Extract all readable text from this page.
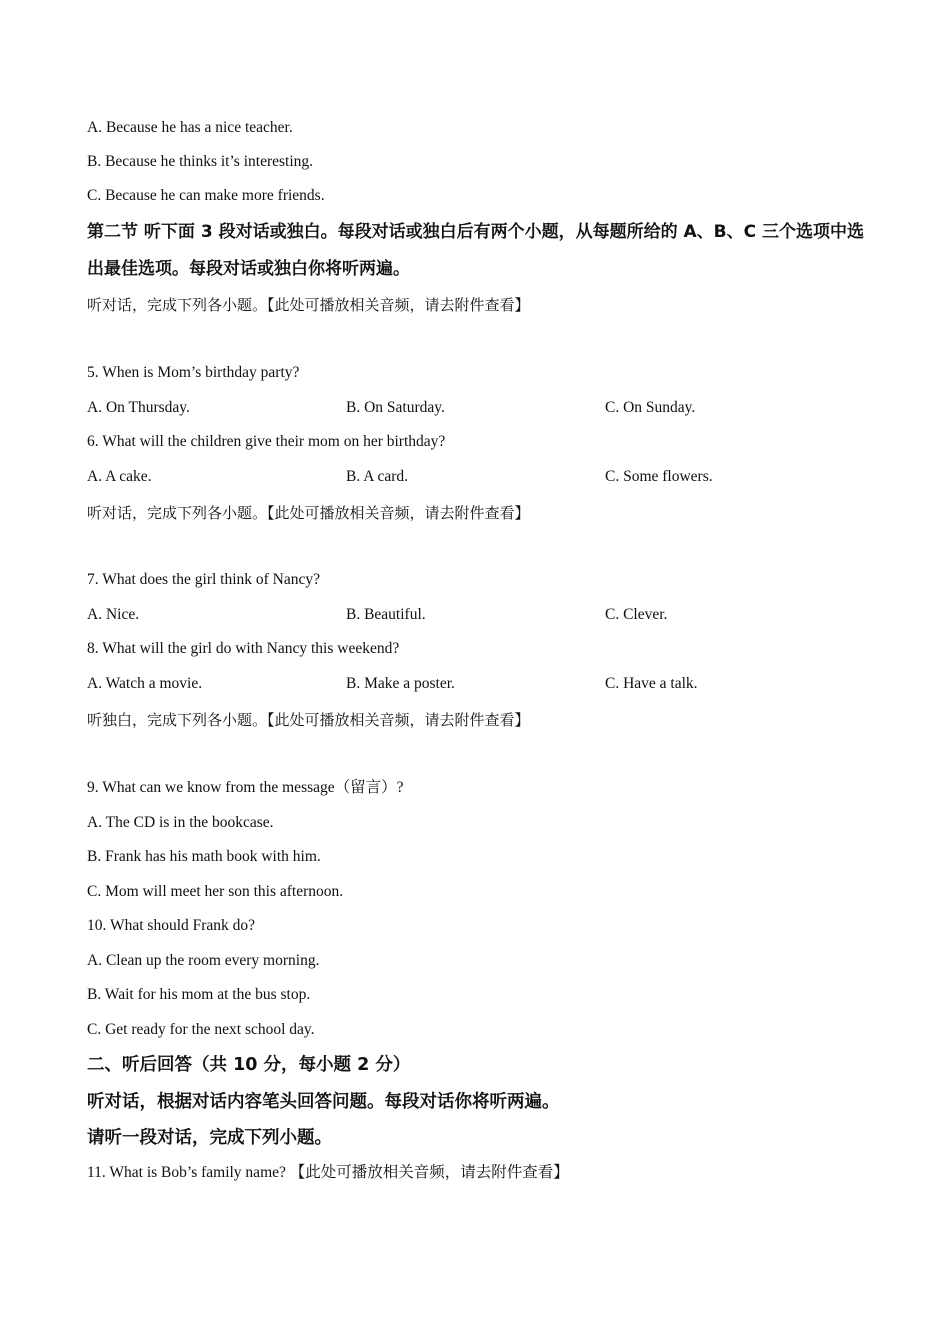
A. Because he has a nice teacher.
B. Because he thinks it’s interesting.
C. Because he can make more friends.
第二节 听下面 3 段对话或独白。每段对话或独白后有两个小题，从每题所给的 A、B、C 三个选项中选出最佳选项。每段对话或独白你将听两遍。
听对话，完成下列各小题。【此处可播放相关音频，请去附件查看】
5. When is Mom’s birthday party?
A. On Thursday.	B. On Saturday.	C. On Sunday.
6. What will the children give their mom on her birthday?
A. A cake.	B. A card.	C. Some flowers.
听对话，完成下列各小题。【此处可播放相关音频，请去附件查看】
7. What does the girl think of Nancy?
A. Nice.	B. Beautiful.	C. Clever.
8. What will the girl do with Nancy this weekend?
A. Watch a movie.	B. Make a poster.	C. Have a talk.
听独白，完成下列各小题。【此处可播放相关音频，请去附件查看】
9. What can we know from the message（留言）?
A. The CD is in the bookcase.
B. Frank has his math book with him.
C. Mom will meet her son this afternoon.
10. What should Frank do?
A. Clean up the room every morning.
B. Wait for his mom at the bus stop.
C. Get ready for the next school day.
二、听后回答（共 10 分，每小题 2 分）
听对话，根据对话内容笔头回答问题。每段对话你将听两遍。
请听一段对话，完成下列小题。
11. What is Bob’s family name? 【此处可播放相关音频，请去附件查看】
